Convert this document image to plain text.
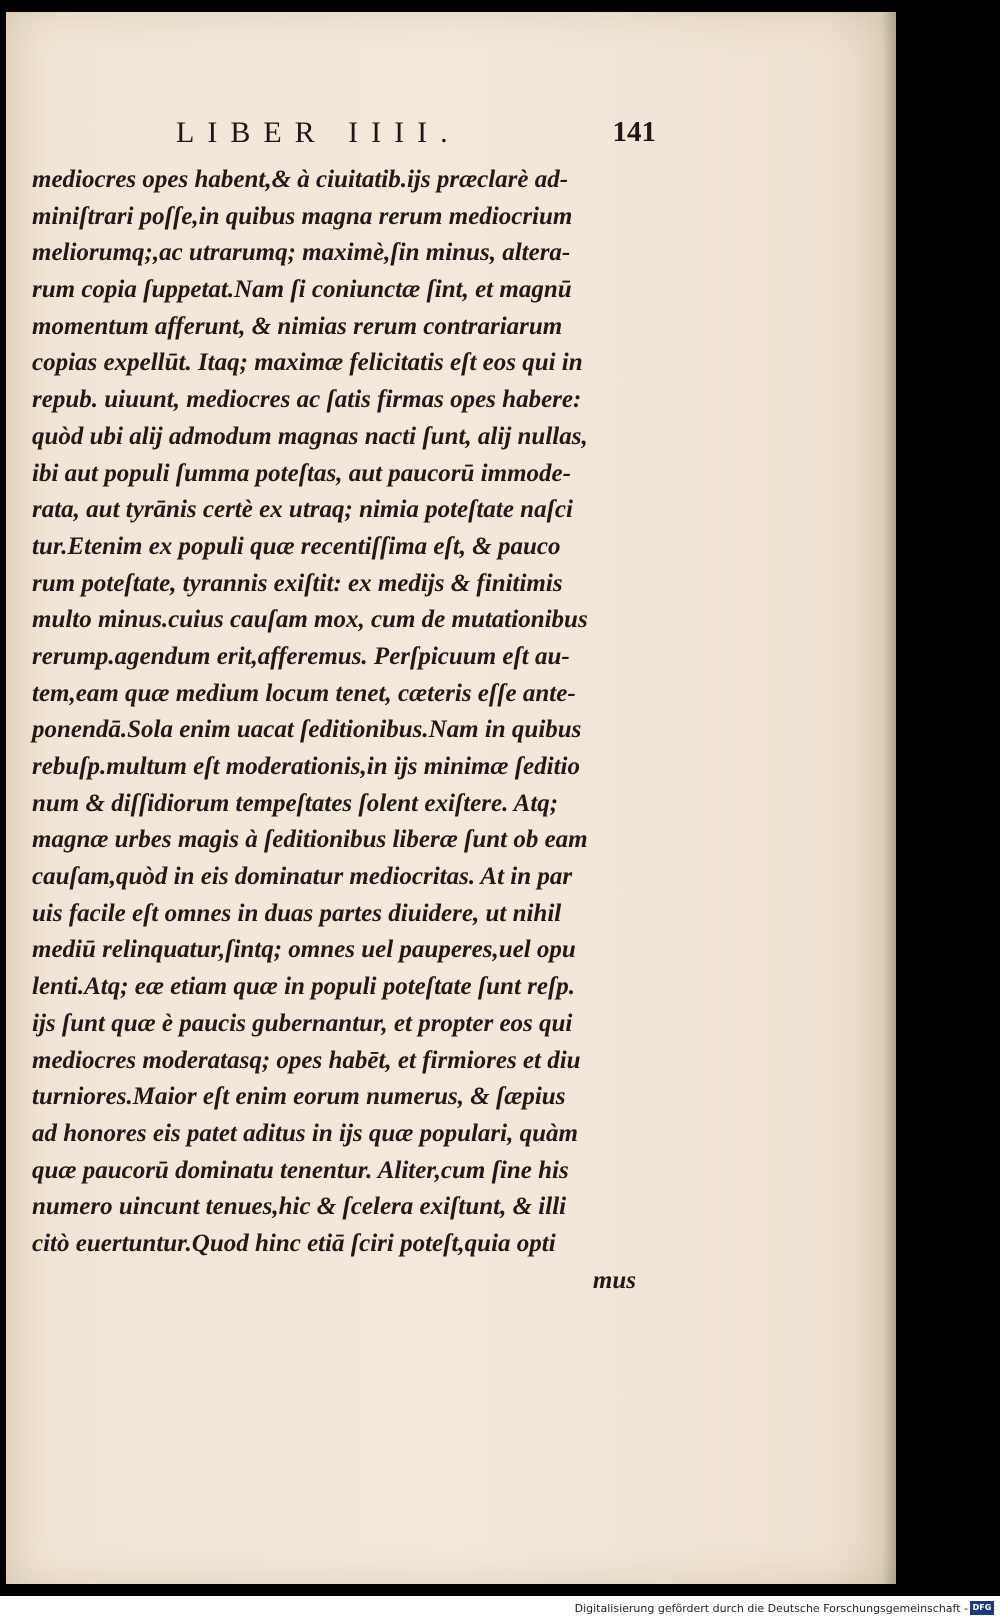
LIBER IIII.	141
mediocres opes habent,& à ciuitatib.ijs præclarè ad-
miniſtrari poſſe,in quibus magna rerum mediocrium
meliorumq;,ac utrarumq; maximè,ſin minus, altera-
rum copia ſuppetat.Nam ſi coniunctæ ſint, et magnū
momentum afferunt, & nimias rerum contrariarum
copias expellūt. Itaq; maximæ felicitatis eſt eos qui in
repub. uiuunt, mediocres ac ſatis firmas opes habere:
quòd ubi alij admodum magnas nacti ſunt, alij nullas,
ibi aut populi ſumma poteſtas, aut paucorū immode-
rata, aut tyrānis certè ex utraq; nimia poteſtate naſci
tur.Etenim ex populi quæ recentiſſima eſt, & pauco
rum poteſtate, tyrannis exiſtit: ex medijs & finitimis
multo minus.cuius cauſam mox, cum de mutationibus
rerump.agendum erit,afferemus. Perſpicuum eſt au-
tem,eam quæ medium locum tenet, cæteris eſſe ante-
ponendā.Sola enim uacat ſeditionibus.Nam in quibus
rebuſp.multum eſt moderationis,in ijs minimæ ſeditio
num & diſſidiorum tempeſtates ſolent exiſtere. Atq;
magnæ urbes magis à ſeditionibus liberæ ſunt ob eam
cauſam,quòd in eis dominatur mediocritas. At in par
uis facile eſt omnes in duas partes diuidere, ut nihil
mediū relinquatur,ſintq; omnes uel pauperes,uel opu
lenti.Atq; eæ etiam quæ in populi poteſtate ſunt reſp.
ijs ſunt quæ è paucis gubernantur, et propter eos qui
mediocres moderatasq; opes habēt, et firmiores et diu
turniores.Maior eſt enim eorum numerus, & ſæpius
ad honores eis patet aditus in ijs quæ populari, quàm
quæ paucorū dominatu tenentur. Aliter,cum ſine his
numero uincunt tenues,hic & ſcelera exiſtunt, & illi
citò euertuntur.Quod hinc etiā ſciri poteſt,quia opti
mus
Digitalisierung gefördert durch die Deutsche Forschungsgemeinschaft - DFG
